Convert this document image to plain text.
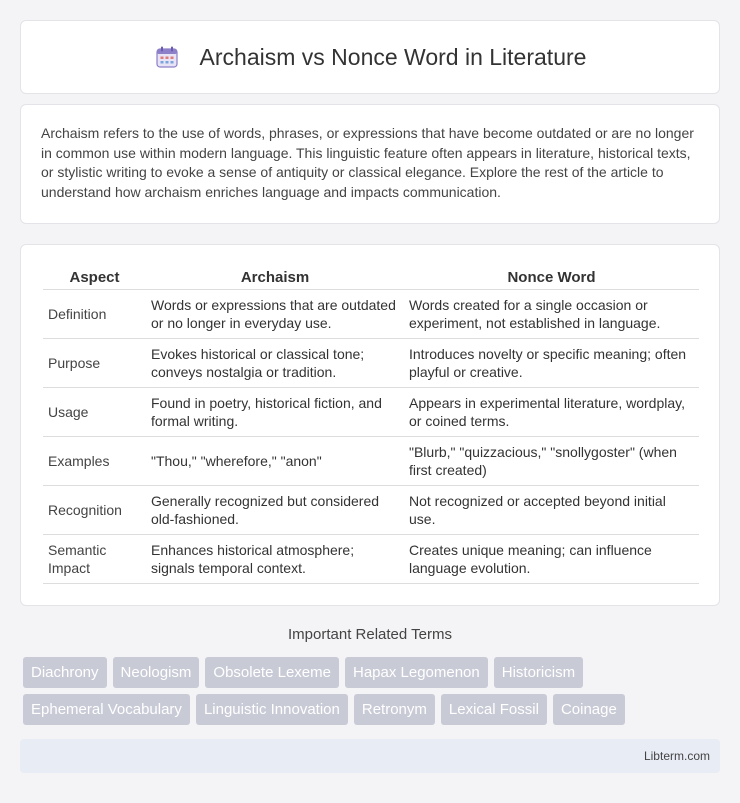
Archaism vs Nonce Word in Literature

Archaism refers to the use of words, phrases, or expressions that have become outdated or are no longer in common use within modern language. This linguistic feature often appears in literature, historical texts, or stylistic writing to evoke a sense of antiquity or classical elegance. Explore the rest of the article to understand how archaism enriches language and impacts communication.

Aspect	Archaism	Nonce Word
Definition	Words or expressions that are outdated or no longer in everyday use.	Words created for a single occasion or experiment, not established in language.
Purpose	Evokes historical or classical tone; conveys nostalgia or tradition.	Introduces novelty or specific meaning; often playful or creative.
Usage	Found in poetry, historical fiction, and formal writing.	Appears in experimental literature, wordplay, or coined terms.
Examples	"Thou," "wherefore," "anon"	"Blurb," "quizzacious," "snollygoster" (when first created)
Recognition	Generally recognized but considered old-fashioned.	Not recognized or accepted beyond initial use.
Semantic Impact	Enhances historical atmosphere; signals temporal context.	Creates unique meaning; can influence language evolution.
Important Related Terms
Diachrony	Neologism	Obsolete Lexeme	Hapax Legomenon	Historicism
Ephemeral Vocabulary	Linguistic Innovation	Retronym	Lexical Fossil	Coinage
Libterm.com
